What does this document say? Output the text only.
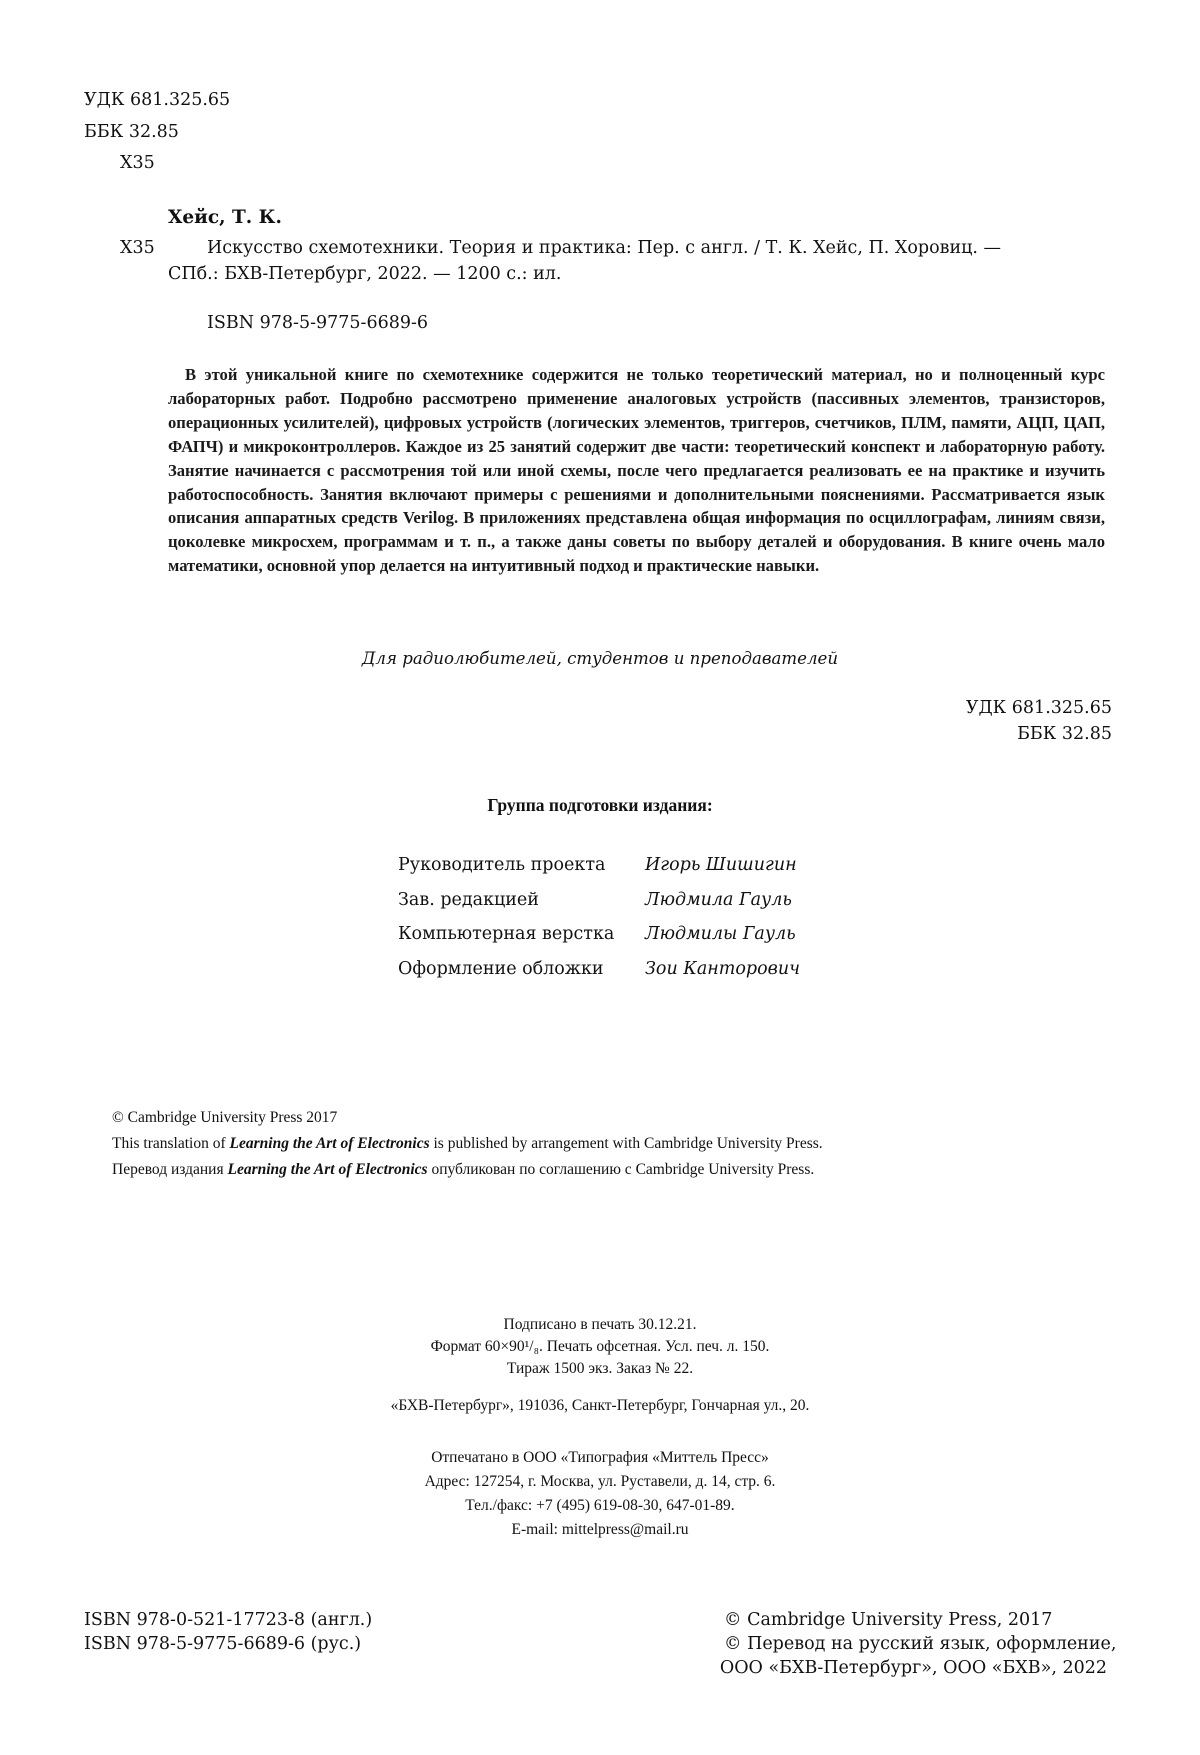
УДК 681.325.65
ББК 32.85
Х35
Хейс, Т. К.
Х35	Искусство схемотехники. Теория и практика: Пер. с англ. / Т. К. Хейс, П. Хоровиц. —
СПб.: БХВ-Петербург, 2022. — 1200 с.: ил.
ISBN 978-5-9775-6689-6

В этой уникальной книге по схемотехнике содержится не только теоретический материал, но и полноценный курс лабораторных работ. Подробно рассмотрено применение аналоговых устройств (пассивных элементов, транзисторов, операционных усилителей), цифровых устройств (логических элементов, триггеров, счетчиков, ПЛМ, памяти, АЦП, ЦАП, ФАПЧ) и микроконтроллеров. Каждое из 25 занятий содержит две части: теоретический конспект и лабораторную работу. Занятие начинается с рассмотрения той или иной схемы, после чего предлагается реализовать ее на практике и изучить работоспособность. Занятия включают примеры с решениями и дополнительными пояснениями. Рассматривается язык описания аппаратных средств Verilog. В приложениях представлена общая информация по осциллографам, линиям связи, цоколевке микросхем, программам и т. п., а также даны советы по выбору деталей и оборудования. В книге очень мало математики, основной упор делается на интуитивный подход и практические навыки.

Для радиолюбителей, студентов и преподавателей
УДК 681.325.65
ББК 32.85
Группа подготовки издания:
Руководитель проекта	Игорь Шишигин
Зав. редакцией	Людмила Гауль
Компьютерная верстка	Людмилы Гауль
Оформление обложки	Зои Канторович
© Cambridge University Press 2017
This translation of Learning the Art of Electronics is published by arrangement with Cambridge University Press.
Перевод издания Learning the Art of Electronics опубликован по соглашению с Cambridge University Press.
Подписано в печать 30.12.21.
Формат 60×90¹/₈. Печать офсетная. Усл. печ. л. 150.
Тираж 1500 экз. Заказ № 22.
«БХВ-Петербург», 191036, Санкт-Петербург, Гончарная ул., 20.
Отпечатано в ООО «Типография «Миттель Пресс»
Адрес: 127254, г. Москва, ул. Руставели, д. 14, стр. 6.
Тел./факс: +7 (495) 619-08-30, 647-01-89.
E-mail: mittelpress@mail.ru
ISBN 978-0-521-17723-8 (англ.)
ISBN 978-5-9775-6689-6 (рус.)
© Cambridge University Press, 2017
© Перевод на русский язык, оформление,
ООО «БХВ-Петербург», ООО «БХВ», 2022
